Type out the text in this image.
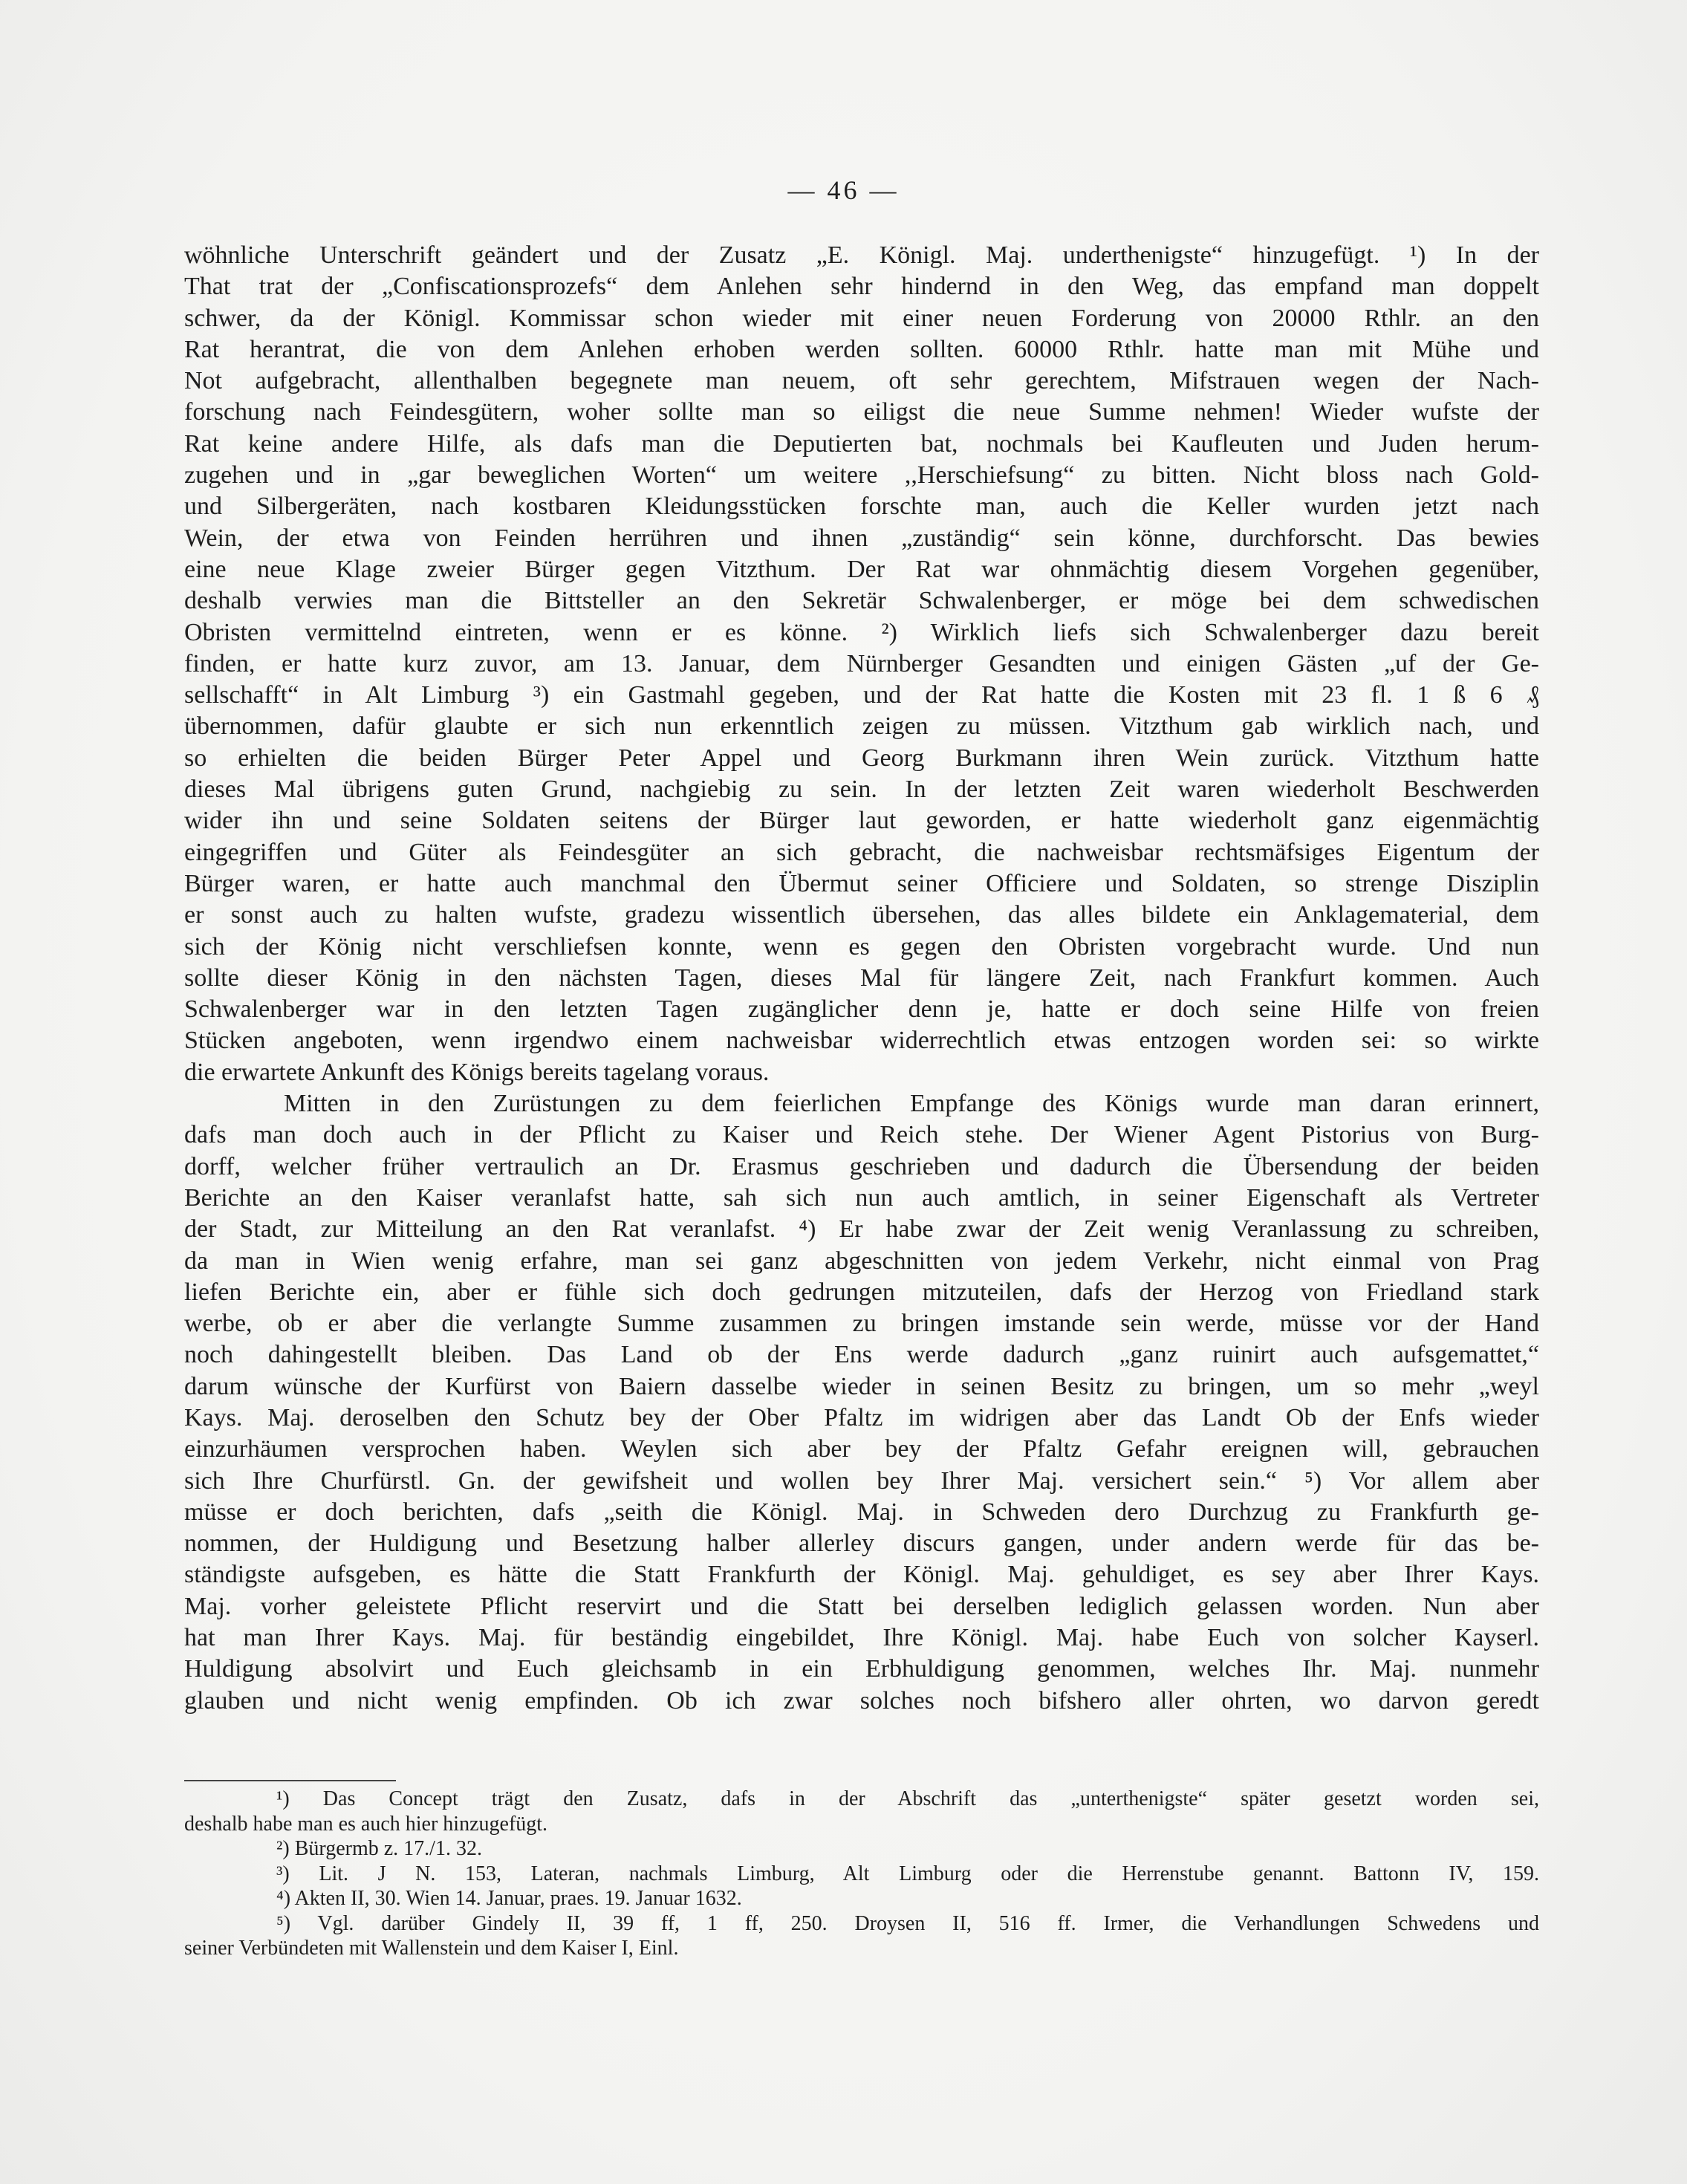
— 46 —
wöhnliche Unterschrift geändert und der Zusatz „E. Königl. Maj. underthenigste“ hinzugefügt. ¹) In der
That trat der „Confiscationsprozefs“ dem Anlehen sehr hindernd in den Weg, das empfand man doppelt
schwer, da der Königl. Kommissar schon wieder mit einer neuen Forderung von 20000 Rthlr. an den
Rat herantrat, die von dem Anlehen erhoben werden sollten. 60000 Rthlr. hatte man mit Mühe und
Not aufgebracht, allenthalben begegnete man neuem, oft sehr gerechtem, Mifstrauen wegen der Nach-
forschung nach Feindesgütern, woher sollte man so eiligst die neue Summe nehmen! Wieder wufste der
Rat keine andere Hilfe, als dafs man die Deputierten bat, nochmals bei Kaufleuten und Juden herum-
zugehen und in „gar beweglichen Worten“ um weitere ,,Herschiefsung“ zu bitten. Nicht bloss nach Gold-
und Silbergeräten, nach kostbaren Kleidungsstücken forschte man, auch die Keller wurden jetzt nach
Wein, der etwa von Feinden herrühren und ihnen „zuständig“ sein könne, durchforscht. Das bewies
eine neue Klage zweier Bürger gegen Vitzthum. Der Rat war ohnmächtig diesem Vorgehen gegenüber,
deshalb verwies man die Bittsteller an den Sekretär Schwalenberger, er möge bei dem schwedischen
Obristen vermittelnd eintreten, wenn er es könne. ²) Wirklich liefs sich Schwalenberger dazu bereit
finden, er hatte kurz zuvor, am 13. Januar, dem Nürnberger Gesandten und einigen Gästen „uf der Ge-
sellschafft“ in Alt Limburg ³) ein Gastmahl gegeben, und der Rat hatte die Kosten mit 23 fl. 1 ß 6 ₰
übernommen, dafür glaubte er sich nun erkenntlich zeigen zu müssen. Vitzthum gab wirklich nach, und
so erhielten die beiden Bürger Peter Appel und Georg Burkmann ihren Wein zurück. Vitzthum hatte
dieses Mal übrigens guten Grund, nachgiebig zu sein. In der letzten Zeit waren wiederholt Beschwerden
wider ihn und seine Soldaten seitens der Bürger laut geworden, er hatte wiederholt ganz eigenmächtig
eingegriffen und Güter als Feindesgüter an sich gebracht, die nachweisbar rechtsmäfsiges Eigentum der
Bürger waren, er hatte auch manchmal den Übermut seiner Officiere und Soldaten, so strenge Disziplin
er sonst auch zu halten wufste, gradezu wissentlich übersehen, das alles bildete ein Anklagematerial, dem
sich der König nicht verschliefsen konnte, wenn es gegen den Obristen vorgebracht wurde. Und nun
sollte dieser König in den nächsten Tagen, dieses Mal für längere Zeit, nach Frankfurt kommen. Auch
Schwalenberger war in den letzten Tagen zugänglicher denn je, hatte er doch seine Hilfe von freien
Stücken angeboten, wenn irgendwo einem nachweisbar widerrechtlich etwas entzogen worden sei: so wirkte
die erwartete Ankunft des Königs bereits tagelang voraus.
Mitten in den Zurüstungen zu dem feierlichen Empfange des Königs wurde man daran erinnert,
dafs man doch auch in der Pflicht zu Kaiser und Reich stehe. Der Wiener Agent Pistorius von Burg-
dorff, welcher früher vertraulich an Dr. Erasmus geschrieben und dadurch die Übersendung der beiden
Berichte an den Kaiser veranlafst hatte, sah sich nun auch amtlich, in seiner Eigenschaft als Vertreter
der Stadt, zur Mitteilung an den Rat veranlafst. ⁴) Er habe zwar der Zeit wenig Veranlassung zu schreiben,
da man in Wien wenig erfahre, man sei ganz abgeschnitten von jedem Verkehr, nicht einmal von Prag
liefen Berichte ein, aber er fühle sich doch gedrungen mitzuteilen, dafs der Herzog von Friedland stark
werbe, ob er aber die verlangte Summe zusammen zu bringen imstande sein werde, müsse vor der Hand
noch dahingestellt bleiben. Das Land ob der Ens werde dadurch „ganz ruinirt auch aufsgemattet,“
darum wünsche der Kurfürst von Baiern dasselbe wieder in seinen Besitz zu bringen, um so mehr „weyl
Kays. Maj. deroselben den Schutz bey der Ober Pfaltz im widrigen aber das Landt Ob der Enfs wieder
einzurhäumen versprochen haben. Weylen sich aber bey der Pfaltz Gefahr ereignen will, gebrauchen
sich Ihre Churfürstl. Gn. der gewifsheit und wollen bey Ihrer Maj. versichert sein.“ ⁵) Vor allem aber
müsse er doch berichten, dafs „seith die Königl. Maj. in Schweden dero Durchzug zu Frankfurth ge-
nommen, der Huldigung und Besetzung halber allerley discurs gangen, under andern werde für das be-
ständigste aufsgeben, es hätte die Statt Frankfurth der Königl. Maj. gehuldiget, es sey aber Ihrer Kays.
Maj. vorher geleistete Pflicht reservirt und die Statt bei derselben lediglich gelassen worden. Nun aber
hat man Ihrer Kays. Maj. für beständig eingebildet, Ihre Königl. Maj. habe Euch von solcher Kayserl.
Huldigung absolvirt und Euch gleichsamb in ein Erbhuldigung genommen, welches Ihr. Maj. nunmehr
glauben und nicht wenig empfinden. Ob ich zwar solches noch bifshero aller ohrten, wo darvon geredt
¹) Das Concept trägt den Zusatz, dafs in der Abschrift das „unterthenigste“ später gesetzt worden sei,
deshalb habe man es auch hier hinzugefügt.
²) Bürgermb z. 17./1. 32.
³) Lit. J N. 153, Lateran, nachmals Limburg, Alt Limburg oder die Herrenstube genannt. Battonn IV, 159.
⁴) Akten II, 30. Wien 14. Januar, praes. 19. Januar 1632.
⁵) Vgl. darüber Gindely II, 39 ff, 1 ff, 250. Droysen II, 516 ff. Irmer, die Verhandlungen Schwedens und
seiner Verbündeten mit Wallenstein und dem Kaiser I, Einl.
